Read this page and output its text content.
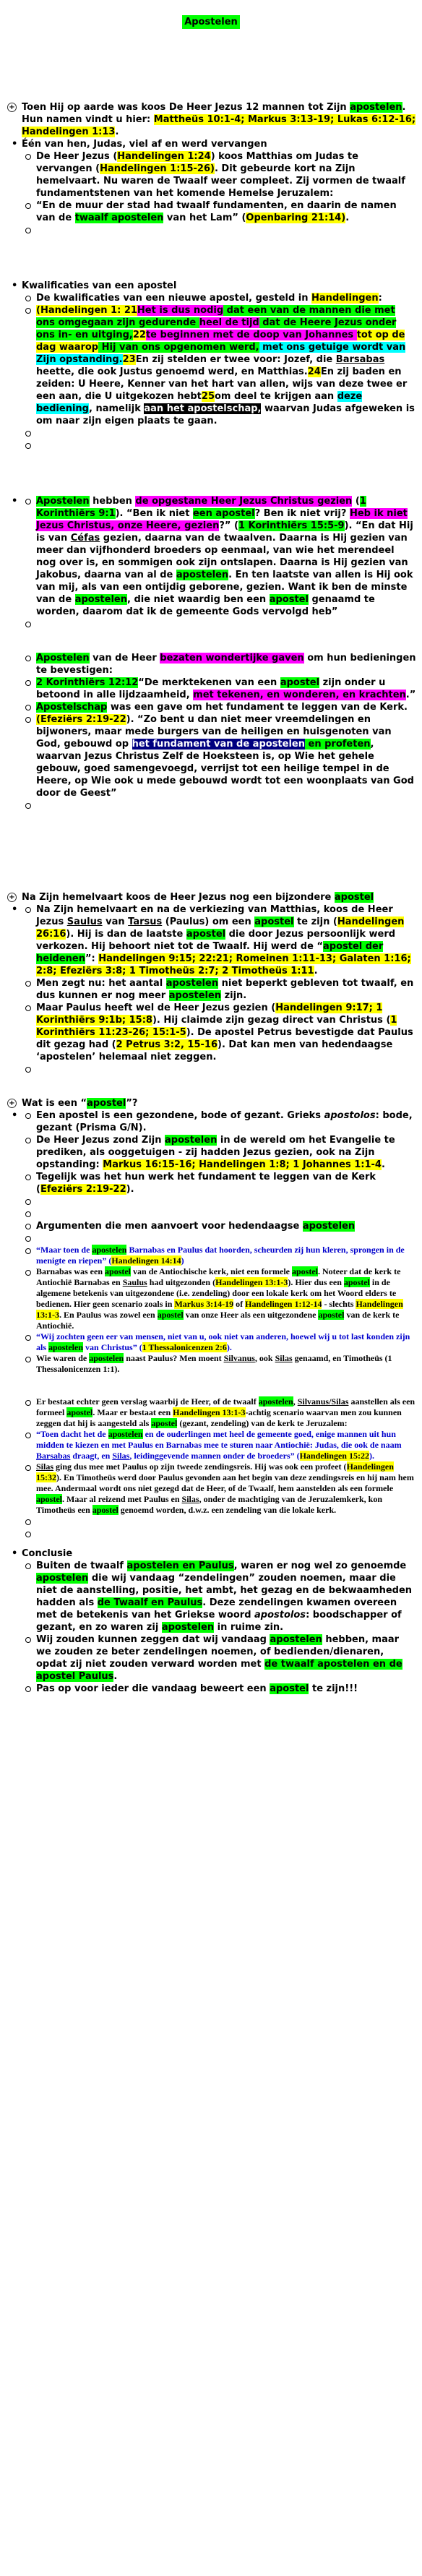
Apostelen
+ Toen Hij op aarde was koos De Heer Jezus 12 mannen tot Zijn apostelen. Hun namen vindt u hier: Mattheüs 10:1-4; Markus 3:13-19; Lukas 6:12-16; Handelingen 1:13.
• Één van hen, Judas, viel af en werd vervangen
De Heer Jezus (Handelingen 1:24) koos Matthias om Judas te vervangen (Handelingen 1:15-26). Dit gebeurde kort na Zijn hemelvaart. Nu waren de Twaalf weer compleet. Zij vormen de twaalf fundamentstenen van het komende Hemelse Jeruzalem:
“En de muur der stad had twaalf fundamenten, en daarin de namen van de twaalf apostelen van het Lam” (Openbaring 21:14).
• Kwalificaties van een apostel
De kwalificaties van een nieuwe apostel, gesteld in Handelingen:
(Handelingen 1: 21Het is dus nodig dat een van de mannen die met ons omgegaan zijn gedurende heel de tijd dat de Heere Jezus onder ons in- en uitging,22te beginnen met de doop van Johannes tot op de dag waarop Hij van ons opgenomen werd, met ons getuige wordt van Zijn opstanding.23En zij stelden er twee voor: Jozef, die Barsabas heette, die ook Justus genoemd werd, en Matthias.24En zij baden en zeiden: U Heere, Kenner van het hart van allen, wijs van deze twee er een aan, die U uitgekozen hebt25om deel te krijgen aan deze bediening, namelijk aan het apostelschap, waarvan Judas afgeweken is om naar zijn eigen plaats te gaan.
• Apostelen hebben de opgestane Heer Jezus Christus gezien (1 Korinthiërs 9:1). “Ben ik niet een apostel? Ben ik niet vrij? Heb ik niet Jezus Christus, onze Heere, gezien?” (1 Korinthiërs 15:5-9). “En dat Hij is van Céfas gezien, daarna van de twaalven. Daarna is Hij gezien van meer dan vijfhonderd broeders op eenmaal, van wie het merendeel nog over is, en sommigen ook zijn ontslapen. Daarna is Hij gezien van Jakobus, daarna van al de apostelen. En ten laatste van allen is Hij ook van mij, als van een ontijdig geborene, gezien. Want ik ben de minste van de apostelen, die niet waardig ben een apostel genaamd te worden, daarom dat ik de gemeente Gods vervolgd heb”
Apostelen van de Heer bezaten wondertijke gaven om hun bedieningen te bevestigen:
2 Korinthiërs 12:12“De merktekenen van een apostel zijn onder u betoond in alle lijdzaamheid, met tekenen, en wonderen, en krachten.”
Apostelschap was een gave om het fundament te leggen van de Kerk.
(Efeziërs 2:19-22). “Zo bent u dan niet meer vreemdelingen en bijwoners, maar mede burgers van de heiligen en huisgenoten van God, gebouwd op het fundament van de apostelen en profeten, waarvan Jezus Christus Zelf de Hoeksteen is, op Wie het gehele gebouw, goed samengevoegd, verrijst tot een heilige tempel in de Heere, op Wie ook u mede gebouwd wordt tot een woonplaats van God door de Geest”
+ Na Zijn hemelvaart koos de Heer Jezus nog een bijzondere apostel
• Na Zijn hemelvaart en na de verkiezing van Matthias, koos de Heer Jezus Saulus van Tarsus (Paulus) om een apostel te zijn (Handelingen 26:16). Hij is dan de laatste apostel die door Jezus persoonlijk werd verkozen. Hij behoort niet tot de Twaalf. Hij werd de “apostel der heidenen”: Handelingen 9:15; 22:21; Romeinen 1:11-13; Galaten 1:16; 2:8; Efeziërs 3:8; 1 Timotheüs 2:7; 2 Timotheüs 1:11.
Men zegt nu: het aantal apostelen niet beperkt gebleven tot twaalf, en dus kunnen er nog meer apostelen zijn.
Maar Paulus heeft wel de Heer Jezus gezien (Handelingen 9:17; 1 Korinthiërs 9:1b; 15:8). Hij claimde zijn gezag direct van Christus (1 Korinthiërs 11:23-26; 15:1-5). De apostel Petrus bevestigde dat Paulus dit gezag had (2 Petrus 3:2, 15-16). Dat kan men van hedendaagse ‘apostelen’ helemaal niet zeggen.
+ Wat is een “apostel”?
• Een apostel is een gezondene, bode of gezant. Grieks apostolos: bode, gezant (Prisma G/N).
De Heer Jezus zond Zijn apostelen in de wereld om het Evangelie te prediken, als ooggetuigen - zij hadden Jezus gezien, ook na Zijn opstanding: Markus 16:15-16; Handelingen 1:8; 1 Johannes 1:1-4.
Tegelijk was het hun werk het fundament te leggen van de Kerk (Efeziërs 2:19-22).
Argumenten die men aanvoert voor hedendaagse apostelen
“Maar toen de apostelen Barnabas en Paulus dat hoorden, scheurden zij hun kleren, sprongen in de menigte en riepen” (Handelingen 14:14)
Barnabas was een apostel van de Antiochische kerk, niet een formele apostel. Noteer dat de kerk te Antiochië Barnabas en Saulus had uitgezonden (Handelingen 13:1-3). Hier dus een apostel in de algemene betekenis van uitgezondene (i.e. zendeling) door een lokale kerk om het Woord elders te bedienen. Hier geen scenario zoals in Markus 3:14-19 of Handelingen 1:12-14 - slechts Handelingen 13:1-3. En Paulus was zowel een apostel van onze Heer als een uitgezondene apostel van de kerk te Antiochië.
“Wij zochten geen eer van mensen, niet van u, ook niet van anderen, hoewel wij u tot last konden zijn als apostelen van Christus” (1 Thessalonicenzen 2:6).
Wie waren de apostelen naast Paulus? Men moent Silvanus, ook Silas genaamd, en Timotheüs (1 Thessalonicenzen 1:1).
Er bestaat echter geen verslag waarbij de Heer, of de twaalf apostelen, Silvanus/Silas aanstellen als een formeel apostel. Maar er bestaat een Handelingen 13:1-3-achtig scenario waarvan men zou kunnen zeggen dat hij is aangesteld als apostel (gezant, zendeling) van de kerk te Jeruzalem:
“Toen dacht het de apostelen en de ouderlingen met heel de gemeente goed, enige mannen uit hun midden te kiezen en met Paulus en Barnabas mee te sturen naar Antiochië: Judas, die ook de naam Barsabas draagt, en Silas, leidinggevende mannen onder de broeders” (Handelingen 15:22).
Silas ging dus mee met Paulus op zijn tweede zendingsreis. Hij was ook een profeet (Handelingen 15:32). En Timotheüs werd door Paulus gevonden aan het begin van deze zendingsreis en hij nam hem mee. Andermaal wordt ons niet gezegd dat de Heer, of de Twaalf, hem aanstelden als een formele apostel. Maar al reizend met Paulus en Silas, onder de machtiging van de Jeruzalemkerk, kon Timotheüs een apostel genoemd worden, d.w.z. een zendeling van die lokale kerk.
• Conclusie
Buiten de twaalf apostelen en Paulus, waren er nog wel zo genoemde apostelen die wij vandaag “zendelingen” zouden noemen, maar die niet de aanstelling, positie, het ambt, het gezag en de bekwaamheden hadden als de Twaalf en Paulus. Deze zendelingen kwamen overeen met de betekenis van het Griekse woord apostolos: boodschapper of gezant, en zo waren zij apostelen in ruime zin.
Wij zouden kunnen zeggen dat wij vandaag apostelen hebben, maar we zouden ze beter zendelingen noemen, of bedienden/dienaren, opdat zij niet zouden verward worden met de twaalf apostelen en de apostel Paulus.
Pas op voor ieder die vandaag beweert een apostel te zijn!!!
